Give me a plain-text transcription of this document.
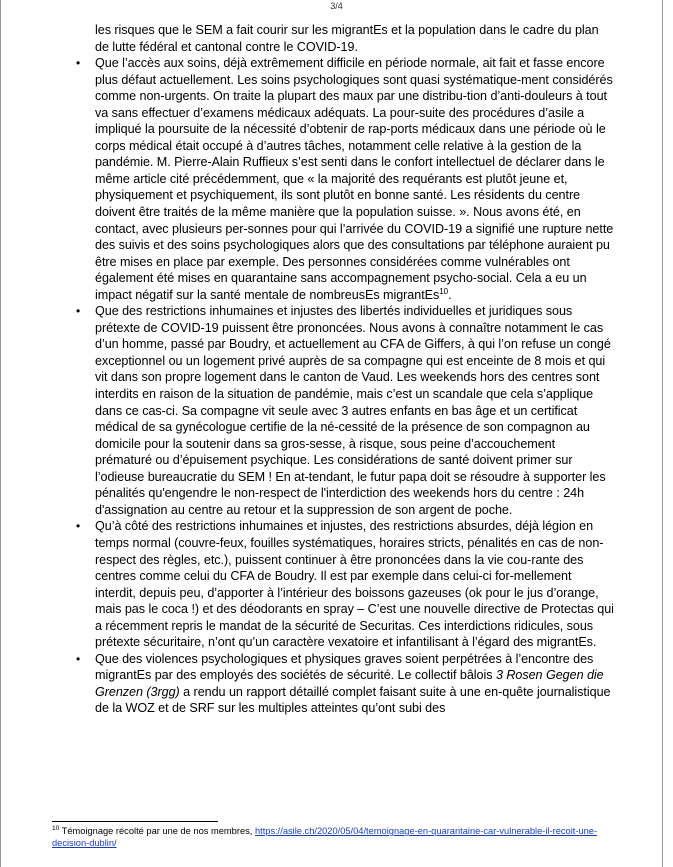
3/4

les risques que le SEM a fait courir sur les migrantEs et la population dans le cadre du plan de lutte fédéral et cantonal contre le COVID-19.

• Que l’accès aux soins, déjà extrêmement difficile en période normale, ait fait et fasse encore plus défaut actuellement. Les soins psychologiques sont quasi systématique-ment considérés comme non-urgents. On traite la plupart des maux par une distribu-tion d’anti-douleurs à tout va sans effectuer d’examens médicaux adéquats. La pour-suite des procédures d’asile a impliqué la poursuite de la nécessité d’obtenir de rap-ports médicaux dans une période où le corps médical était occupé à d’autres tâches, notamment celle relative à la gestion de la pandémie. M. Pierre-Alain Ruffieux s’est senti dans le confort intellectuel de déclarer dans le même article cité précédemment, que « la majorité des requérants est plutôt jeune et, physiquement et psychiquement, ils sont plutôt en bonne santé. Les résidents du centre doivent être traités de la même manière que la population suisse. ». Nous avons été, en contact, avec plusieurs per-sonnes pour qui l’arrivée du COVID-19 a signifié une rupture nette des suivis et des soins psychologiques alors que des consultations par téléphone auraient pu être mises en place par exemple. Des personnes considérées comme vulnérables ont également été mises en quarantaine sans accompagnement psycho-social. Cela a eu un impact négatif sur la santé mentale de nombreusEs migrantEs$^{10}$.
• Que des restrictions inhumaines et injustes des libertés individuelles et juridiques sous prétexte de COVID-19 puissent être prononcées. Nous avons à connaître notamment le cas d’un homme, passé par Boudry, et actuellement au CFA de Giffers, à qui l’on refuse un congé exceptionnel ou un logement privé auprès de sa compagne qui est enceinte de 8 mois et qui vit dans son propre logement dans le canton de Vaud. Les weekends hors des centres sont interdits en raison de la situation de pandémie, mais c’est un scandale que cela s’applique dans ce cas-ci. Sa compagne vit seule avec 3 autres enfants en bas âge et un certificat médical de sa gynécologue certifie de la né-cessité de la présence de son compagnon au domicile pour la soutenir dans sa gros-sesse, à risque, sous peine d’accouchement prématuré ou d’épuisement psychique. Les considérations de santé doivent primer sur l’odieuse bureaucratie du SEM ! En at-tendant, le futur papa doit se résoudre à supporter les pénalités qu'engendre le non-respect de l'interdiction des weekends hors du centre : 24h d'assignation au centre au retour et la suppression de son argent de poche.
• Qu’à côté des restrictions inhumaines et injustes, des restrictions absurdes, déjà légion en temps normal (couvre-feux, fouilles systématiques, horaires stricts, pénalités en cas de non-respect des règles, etc.), puissent continuer à être prononcées dans la vie cou-rante des centres comme celui du CFA de Boudry. Il est par exemple dans celui-ci for-mellement interdit, depuis peu, d’apporter à l’intérieur des boissons gazeuses (ok pour le jus d’orange, mais pas le coca !) et des déodorants en spray – C’est une nouvelle directive de Protectas qui a récemment repris le mandat de la sécurité de Securitas. Ces interdictions ridicules, sous prétexte sécuritaire, n’ont qu’un caractère vexatoire et infantilisant à l’égard des migrantEs.
• Que des violences psychologiques et physiques graves soient perpétrées à l’encontre des migrantEs par des employés des sociétés de sécurité. Le collectif bâlois 3 Rosen Gegen die Grenzen (3rgg) a rendu un rapport détaillé complet faisant suite à une en-quête journalistique de la WOZ et de SRF sur les multiples atteintes qu’ont subi des
$^{10}$ Témoignage récolté par une de nos membres, https://asile.ch/2020/05/04/temoignage-en-quarantaine-car-vulnerable-il-recoit-une-decision-dublin/
